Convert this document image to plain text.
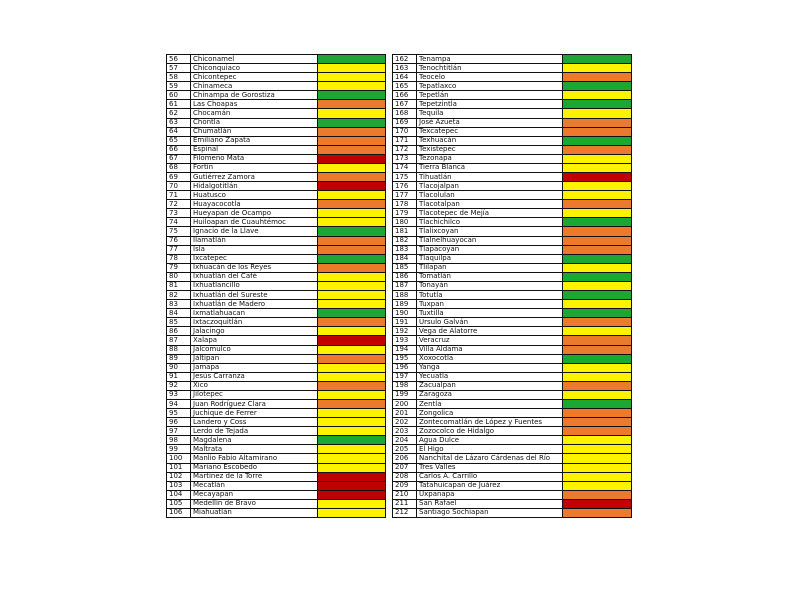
56	Chiconamel	
57	Chiconquiaco	
58	Chicontepec	
59	Chinameca	
60	Chinampa de Gorostiza	
61	Las Choapas	
62	Chocamán	
63	Chontla	
64	Chumatlán	
65	Emiliano Zapata	
66	Espinal	
67	Filomeno Mata	
68	Fortín	
69	Gutiérrez Zamora	
70	Hidalgotitlán	
71	Huatusco	
72	Huayacocotla	
73	Hueyapan de Ocampo	
74	Huiloapan de Cuauhtémoc	
75	Ignacio de la Llave	
76	Ilamatlán	
77	Isla	
78	Ixcatepec	
79	Ixhuacán de los Reyes	
80	Ixhuatlán del Café	
81	Ixhuatlancillo	
82	Ixhuatlán del Sureste	
83	Ixhuatlán de Madero	
84	Ixmatlahuacan	
85	Ixtaczoquitlán	
86	Jalacingo	
87	Xalapa	
88	Jalcomulco	
89	Jáltipan	
90	Jamapa	
91	Jesús Carranza	
92	Xico	
93	Jilotepec	
94	Juan Rodríguez Clara	
95	Juchique de Ferrer	
96	Landero y Coss	
97	Lerdo de Tejada	
98	Magdalena	
99	Maltrata	
100	Manlio Fabio Altamirano	
101	Mariano Escobedo	
102	Martínez de la Torre	
103	Mecatlán	
104	Mecayapan	
105	Medellín de Bravo	
106	Miahuatlán	
162	Tenampa	
163	Tenochtitlán	
164	Teocelo	
165	Tepatlaxco	
166	Tepetlán	
167	Tepetzintla	
168	Tequila	
169	José Azueta	
170	Texcatepec	
171	Texhuacán	
172	Texistepec	
173	Tezonapa	
174	Tierra Blanca	
175	Tihuatlán	
176	Tlacojalpan	
177	Tlacolulan	
178	Tlacotalpan	
179	Tlacotepec de Mejía	
180	Tlachichilco	
181	Tlalixcoyan	
182	Tlalnelhuayocan	
183	Tlapacoyan	
184	Tlaquilpa	
185	Tlilapan	
186	Tomatlán	
187	Tonayán	
188	Totutla	
189	Tuxpan	
190	Tuxtilla	
191	Ursulo Galván	
192	Vega de Alatorre	
193	Veracruz	
194	Villa Aldama	
195	Xoxocotla	
196	Yanga	
197	Yecuatla	
198	Zacualpan	
199	Zaragoza	
200	Zentla	
201	Zongolica	
202	Zontecomatlán de López y Fuentes	
203	Zozocolco de Hidalgo	
204	Agua Dulce	
205	El Higo	
206	Nanchital de Lázaro Cárdenas del Río	
207	Tres Valles	
208	Carlos A. Carrillo	
209	Tatahuicapan de Juárez	
210	Uxpanapa	
211	San Rafael	
212	Santiago Sochiapan	
